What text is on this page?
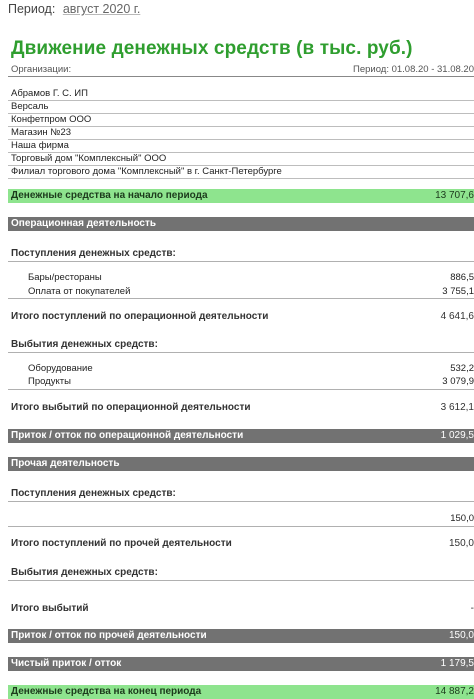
Период: август 2020 г.
Движение денежных средств (в тыс. руб.)
Организации:	Период: 01.08.20 - 31.08.20
Абрамов Г. С. ИП
Версаль
Конфетпром ООО
Магазин №23
Наша фирма
Торговый дом "Комплексный" ООО
Филиал торгового дома "Комплексный" в г. Санкт-Петербурге
Денежные средства на начало периода	13 707,6
Операционная деятельность
Поступления денежных средств:
Бары/рестораны	886,5
Оплата от покупателей	3 755,1
Итого поступлений по операционной деятельности	4 641,6
Выбытия денежных средств:
Оборудование	532,2
Продукты	3 079,9
Итого выбытий по операционной деятельности	3 612,1
Приток / отток по операционной деятельности	1 029,5
Прочая деятельность
Поступления денежных средств:
150,0
Итого поступлений по прочей деятельности	150,0
Выбытия денежных средств:
Итого выбытий	-
Приток / отток по прочей деятельности	150,0
Чистый приток / отток	1 179,5
Денежные средства на конец периода	14 887,2
